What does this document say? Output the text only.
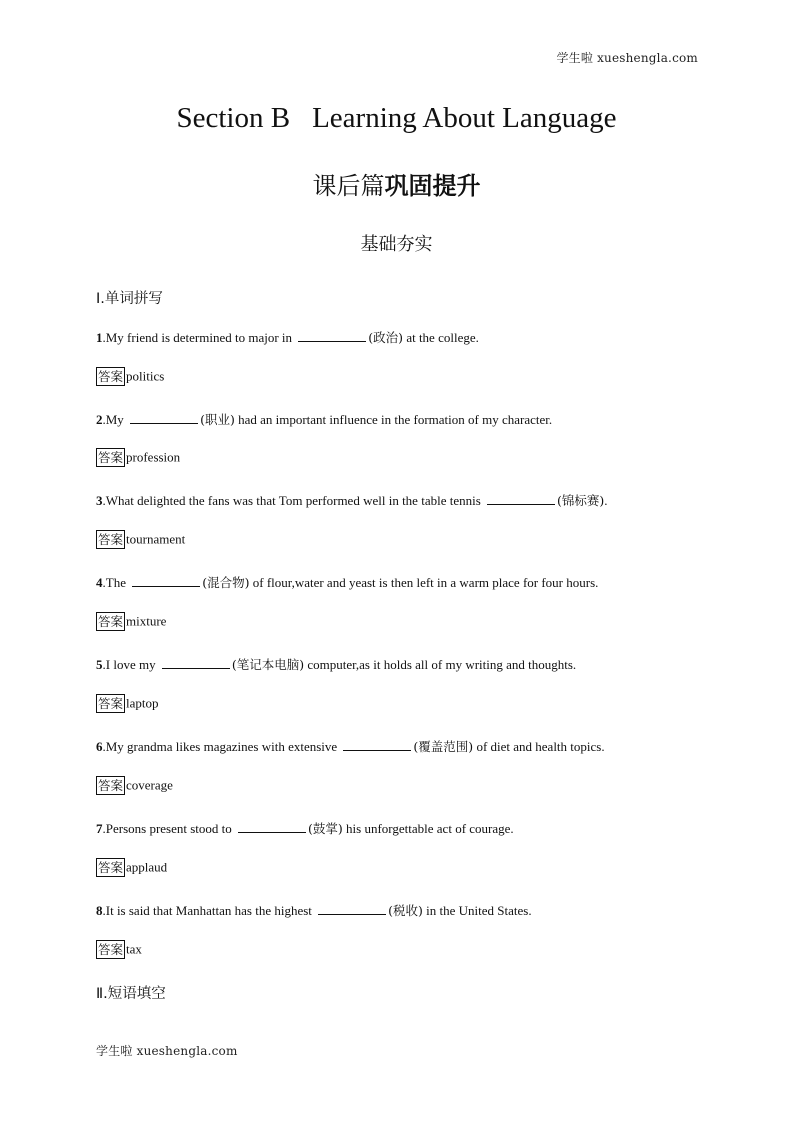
学生啦 xueshengla.com
Section B Learning About Language
课后篇巩固提升
基础夯实
Ⅰ.单词拼写
1.My friend is determined to major in	(政治) at the college.
答案 politics
2.My	(职业) had an important influence in the formation of my character.
答案 profession
3.What delighted the fans was that Tom performed well in the table tennis	(锦标赛).
答案 tournament
4.The	(混合物) of flour,water and yeast is then left in a warm place for four hours.
答案 mixture
5.I love my	(笔记本电脑) computer,as it holds all of my writing and thoughts.
答案 laptop
6.My grandma likes magazines with extensive	(覆盖范围) of diet and health topics.
答案 coverage
7.Persons present stood to	(鼓掌) his unforgettable act of courage.
答案 applaud
8.It is said that Manhattan has the highest	(税收) in the United States.
答案 tax
Ⅱ.短语填空
学生啦 xueshengla.com
